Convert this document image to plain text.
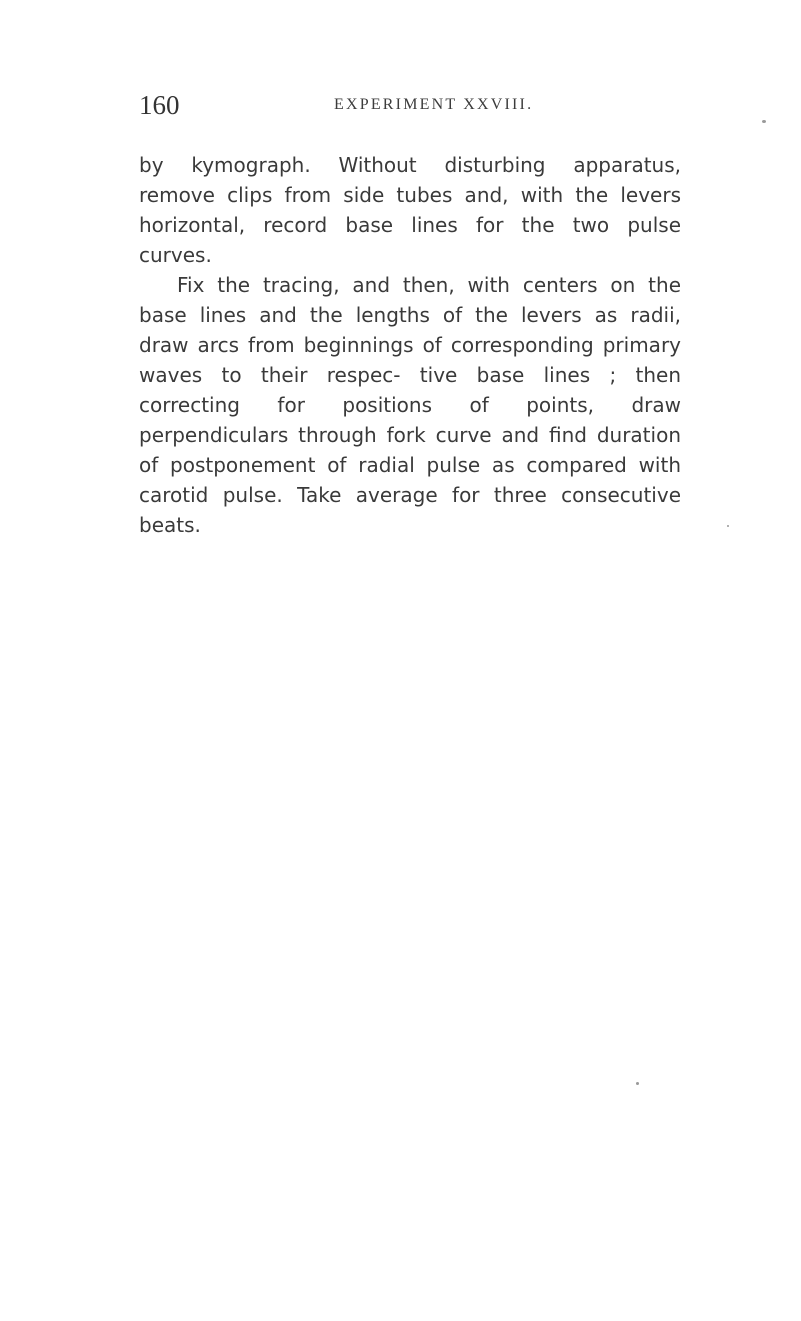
160	EXPERIMENT XXVIII.

by kymograph. Without disturbing apparatus, remove clips from side tubes and, with the levers horizontal, record base lines for the two pulse curves.

Fix the tracing, and then, with centers on the base lines and the lengths of the levers as radii, draw arcs from beginnings of corresponding primary waves to their respec- tive base lines ; then correcting for positions of points, draw perpendiculars through fork curve and find duration of postponement of radial pulse as compared with carotid pulse. Take average for three consecutive beats.
